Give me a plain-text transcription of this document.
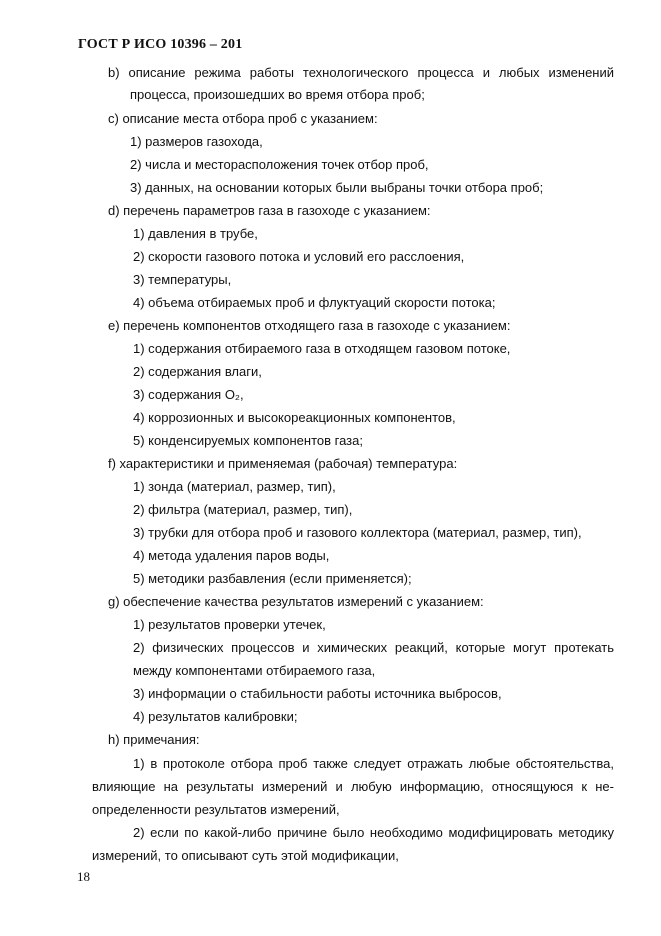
ГОСТ Р ИСО 10396 – 201
b) описание режима работы технологического процесса и любых изменений
процесса, произошедших во время отбора проб;
c) описание места отбора проб с указанием:
1) размеров газохода,
2) числа и месторасположения точек отбор проб,
3) данных, на основании которых были выбраны точки отбора проб;
d) перечень параметров газа в газоходе с указанием:
1) давления в трубе,
2) скорости газового потока и условий его расслоения,
3) температуры,
4) объема отбираемых проб и флуктуаций скорости потока;
e) перечень компонентов отходящего газа в газоходе с указанием:
1) содержания отбираемого газа в отходящем газовом потоке,
2) содержания влаги,
3) содержания O₂,
4) коррозионных и высокореакционных компонентов,
5) конденсируемых компонентов газа;
f) характеристики и применяемая (рабочая) температура:
1) зонда (материал, размер, тип),
2) фильтра (материал, размер, тип),
3) трубки для отбора проб и газового коллектора (материал, размер, тип),
4) метода удаления паров воды,
5) методики разбавления (если применяется);
g) обеспечение качества результатов измерений с указанием:
1) результатов проверки утечек,
2) физических процессов и химических реакций, которые могут протекать
между компонентами отбираемого газа,
3) информации о стабильности работы источника выбросов,
4) результатов калибровки;
h) примечания:
1) в протоколе отбора проб также следует отражать любые обстоятельства,
влияющие на результаты измерений и любую информацию, относящуюся к не-
определенности результатов измерений,
2) если по какой-либо причине было необходимо модифицировать методику
измерений, то описывают суть этой модификации,
18
